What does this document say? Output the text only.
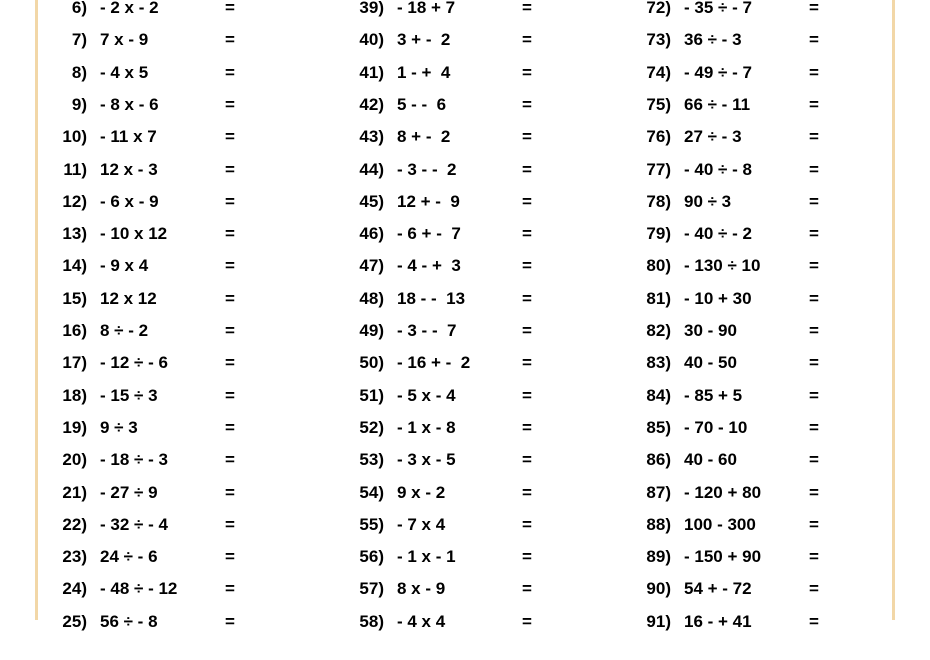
6) - 2 x - 2	=
7) 7 x - 9	=
8) - 4 x 5	=
9) - 8 x - 6	=
10) - 11 x 7	=
11) 12 x - 3	=
12) - 6 x - 9	=
13) - 10 x 12	=
14) - 9 x 4	=
15) 12 x 12	=
16) 8 ÷ - 2	=
17) - 12 ÷ - 6	=
18) - 15 ÷ 3	=
19) 9 ÷ 3	=
20) - 18 ÷ - 3	=
21) - 27 ÷ 9	=
22) - 32 ÷ - 4	=
23) 24 ÷ - 6	=
24) - 48 ÷ - 12	=
25) 56 ÷ - 8	=
39) - 18 + 7	=
40) 3 + -  2	=
41) 1 - +  4	=
42) 5 - -  6	=
43) 8 + -  2	=
44) - 3 - -  2	=
45) 12 + -  9	=
46) - 6 + -  7	=
47) - 4 - +  3	=
48) 18 - -  13	=
49) - 3 - -  7	=
50) - 16 + -  2	=
51) - 5 x - 4	=
52) - 1 x - 8	=
53) - 3 x - 5	=
54) 9 x - 2	=
55) - 7 x 4	=
56) - 1 x - 1	=
57) 8 x - 9	=
58) - 4 x 4	=
72) - 35 ÷ - 7	=
73) 36 ÷ - 3	=
74) - 49 ÷ - 7	=
75) 66 ÷ - 11	=
76) 27 ÷ - 3	=
77) - 40 ÷ - 8	=
78) 90 ÷ 3	=
79) - 40 ÷ - 2	=
80) - 130 ÷ 10	=
81) - 10 + 30	=
82) 30 - 90	=
83) 40 - 50	=
84) - 85 + 5	=
85) - 70 - 10	=
86) 40 - 60	=
87) - 120 + 80	=
88) 100 - 300	=
89) - 150 + 90	=
90) 54 + - 72	=
91) 16 - + 41	=
